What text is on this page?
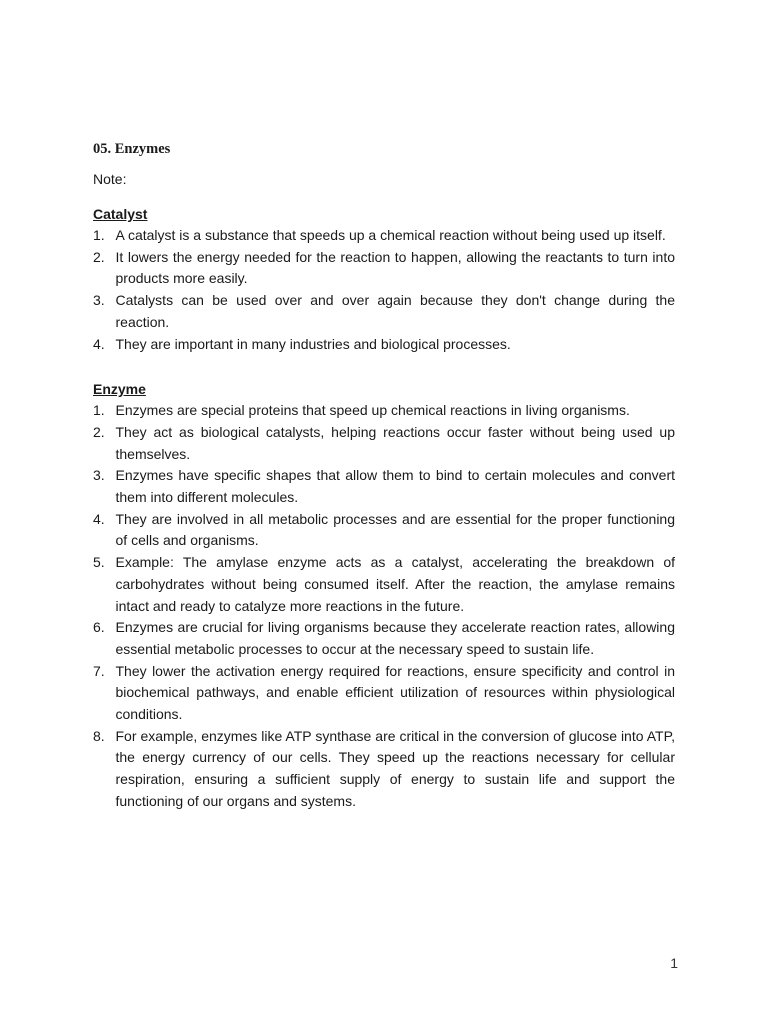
05. Enzymes
Note:
Catalyst
1. A catalyst is a substance that speeds up a chemical reaction without being used up itself.
2. It lowers the energy needed for the reaction to happen, allowing the reactants to turn into products more easily.
3. Catalysts can be used over and over again because they don't change during the reaction.
4. They are important in many industries and biological processes.
Enzyme
1. Enzymes are special proteins that speed up chemical reactions in living organisms.
2. They act as biological catalysts, helping reactions occur faster without being used up themselves.
3. Enzymes have specific shapes that allow them to bind to certain molecules and convert them into different molecules.
4. They are involved in all metabolic processes and are essential for the proper functioning of cells and organisms.
5. Example: The amylase enzyme acts as a catalyst, accelerating the breakdown of carbohydrates without being consumed itself. After the reaction, the amylase remains intact and ready to catalyze more reactions in the future.
6. Enzymes are crucial for living organisms because they accelerate reaction rates, allowing essential metabolic processes to occur at the necessary speed to sustain life.
7. They lower the activation energy required for reactions, ensure specificity and control in biochemical pathways, and enable efficient utilization of resources within physiological conditions.
8. For example, enzymes like ATP synthase are critical in the conversion of glucose into ATP, the energy currency of our cells. They speed up the reactions necessary for cellular respiration, ensuring a sufficient supply of energy to sustain life and support the functioning of our organs and systems.
1
